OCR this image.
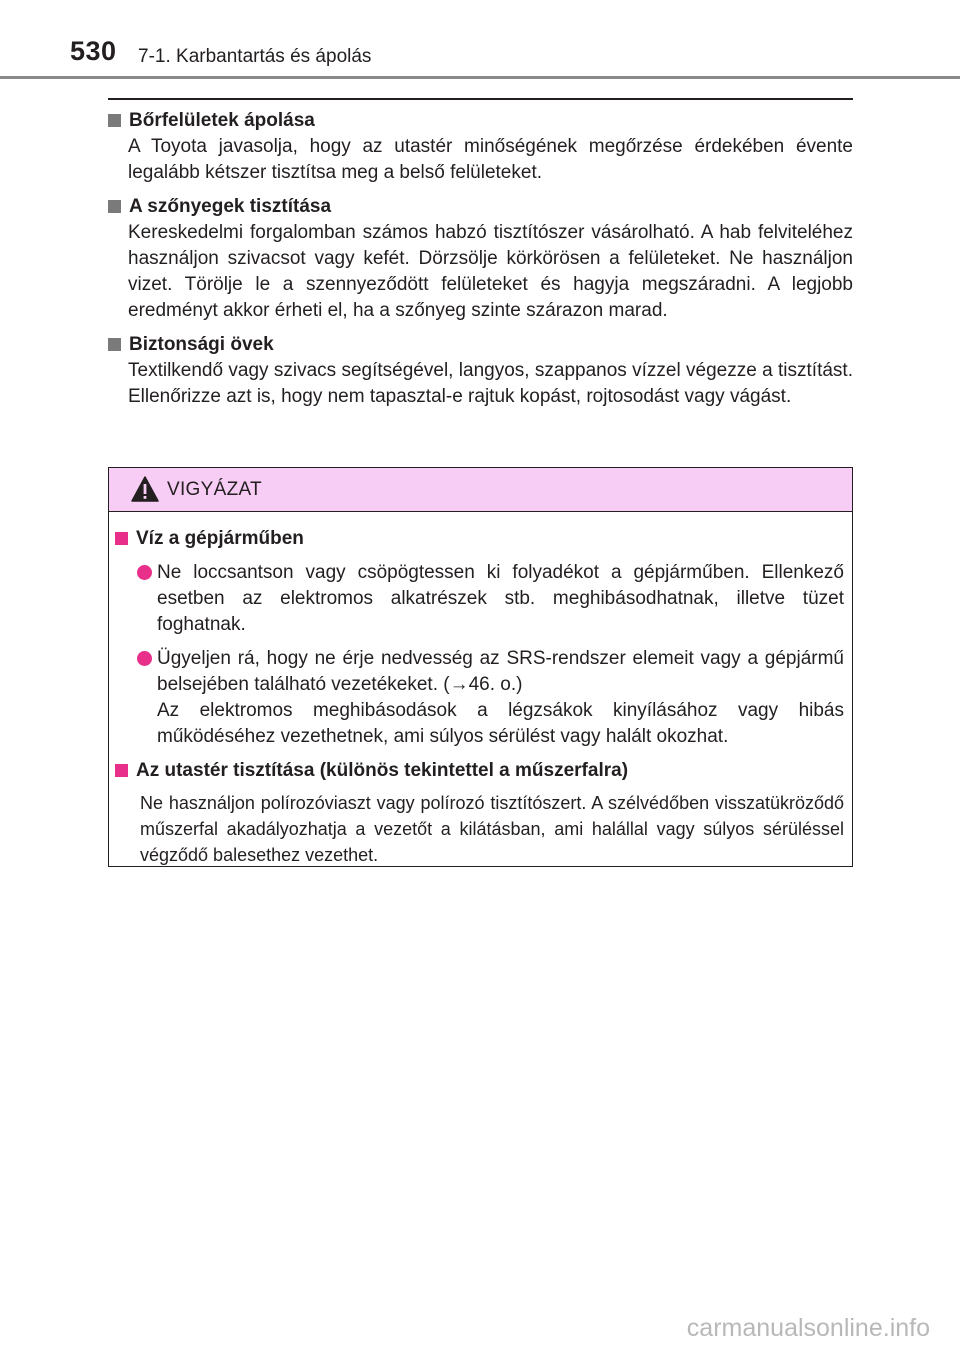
530 7-1. Karbantartás és ápolás
Bőrfelületek ápolása
A Toyota javasolja, hogy az utastér minőségének megőrzése érdekében évente legalább kétszer tisztítsa meg a belső felületeket.
A szőnyegek tisztítása
Kereskedelmi forgalomban számos habzó tisztítószer vásárolható. A hab felviteléhez használjon szivacsot vagy kefét. Dörzsölje körkörösen a felületeket. Ne használjon vizet. Törölje le a szennyeződött felületeket és hagyja megszáradni. A legjobb eredményt akkor érheti el, ha a szőnyeg szinte szárazon marad.
Biztonsági övek
Textilkendő vagy szivacs segítségével, langyos, szappanos vízzel végezze a tisztítást. Ellenőrizze azt is, hogy nem tapasztal-e rajtuk kopást, rojtosodást vagy vágást.
VIGYÁZAT
Víz a gépjárműben
Ne loccsantson vagy csöpögtessen ki folyadékot a gépjárműben. Ellenkező esetben az elektromos alkatrészek stb. meghibásodhatnak, illetve tüzet foghatnak.
Ügyeljen rá, hogy ne érje nedvesség az SRS-rendszer elemeit vagy a gépjármű belsejében található vezetékeket. (→46. o.)
Az elektromos meghibásodások a légzsákok kinyílásához vagy hibás működéséhez vezethetnek, ami súlyos sérülést vagy halált okozhat.
Az utastér tisztítása (különös tekintettel a műszerfalra)
Ne használjon polírozóviaszt vagy polírozó tisztítószert. A szélvédőben visszatükröződő műszerfal akadályozhatja a vezetőt a kilátásban, ami halállal vagy súlyos sérüléssel végződő balesethez vezethet.
carmanualsonline.info
